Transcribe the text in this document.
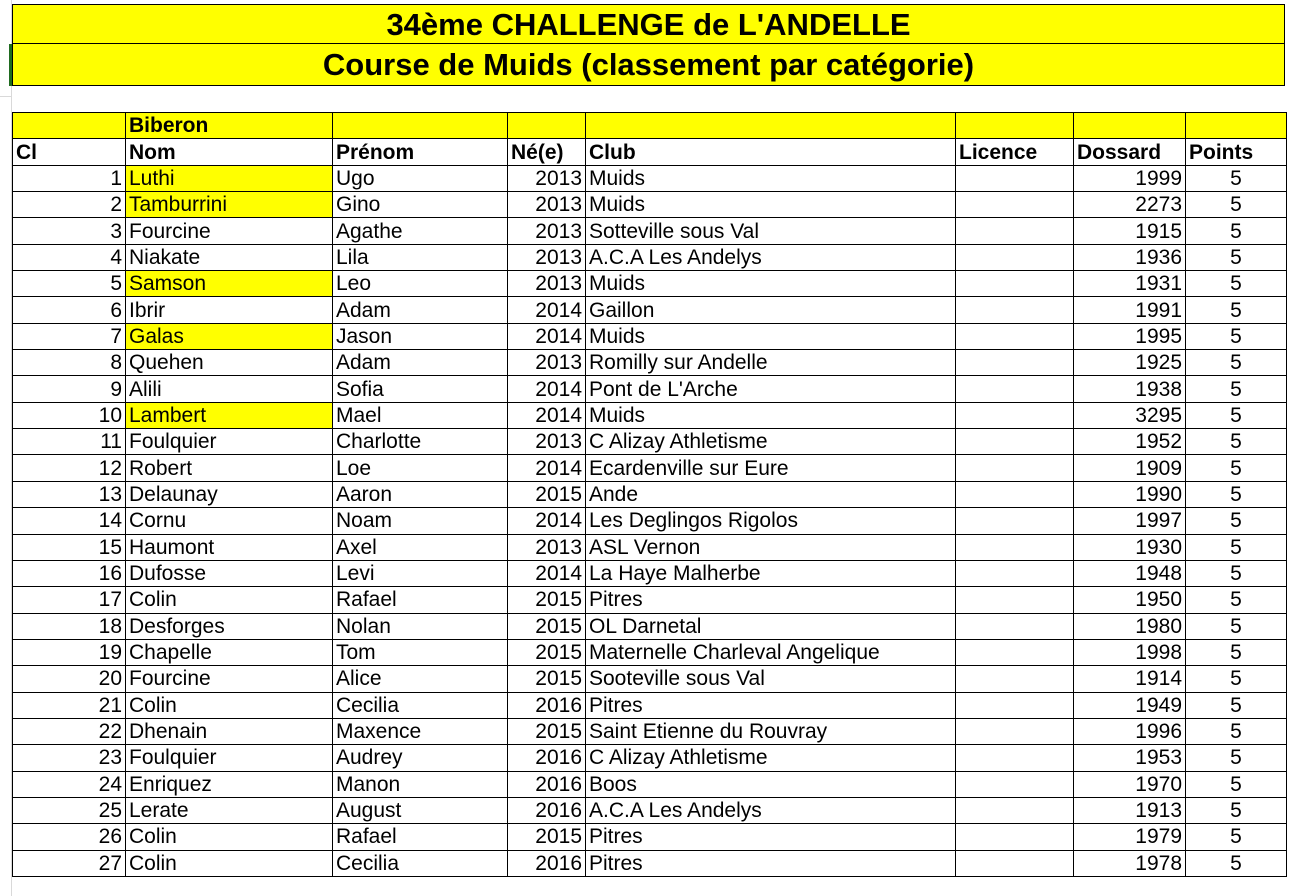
34ème CHALLENGE de L'ANDELLE
Course de Muids (classement par catégorie)
	Biberon						
Cl	Nom	Prénom	Né(e)	Club	Licence	Dossard	Points
1	Luthi	Ugo	2013	Muids		1999	5
2	Tamburrini	Gino	2013	Muids		2273	5
3	Fourcine	Agathe	2013	Sotteville sous Val		1915	5
4	Niakate	Lila	2013	A.C.A Les Andelys		1936	5
5	Samson	Leo	2013	Muids		1931	5
6	Ibrir	Adam	2014	Gaillon		1991	5
7	Galas	Jason	2014	Muids		1995	5
8	Quehen	Adam	2013	Romilly sur Andelle		1925	5
9	Alili	Sofia	2014	Pont de L'Arche		1938	5
10	Lambert	Mael	2014	Muids		3295	5
11	Foulquier	Charlotte	2013	C Alizay Athletisme		1952	5
12	Robert	Loe	2014	Ecardenville sur Eure		1909	5
13	Delaunay	Aaron	2015	Ande		1990	5
14	Cornu	Noam	2014	Les Deglingos Rigolos		1997	5
15	Haumont	Axel	2013	ASL Vernon		1930	5
16	Dufosse	Levi	2014	La Haye Malherbe		1948	5
17	Colin	Rafael	2015	Pitres		1950	5
18	Desforges	Nolan	2015	OL Darnetal		1980	5
19	Chapelle	Tom	2015	Maternelle Charleval Angelique		1998	5
20	Fourcine	Alice	2015	Sooteville sous Val		1914	5
21	Colin	Cecilia	2016	Pitres		1949	5
22	Dhenain	Maxence	2015	Saint Etienne du Rouvray		1996	5
23	Foulquier	Audrey	2016	C Alizay Athletisme		1953	5
24	Enriquez	Manon	2016	Boos		1970	5
25	Lerate	August	2016	A.C.A Les Andelys		1913	5
26	Colin	Rafael	2015	Pitres		1979	5
27	Colin	Cecilia	2016	Pitres		1978	5
